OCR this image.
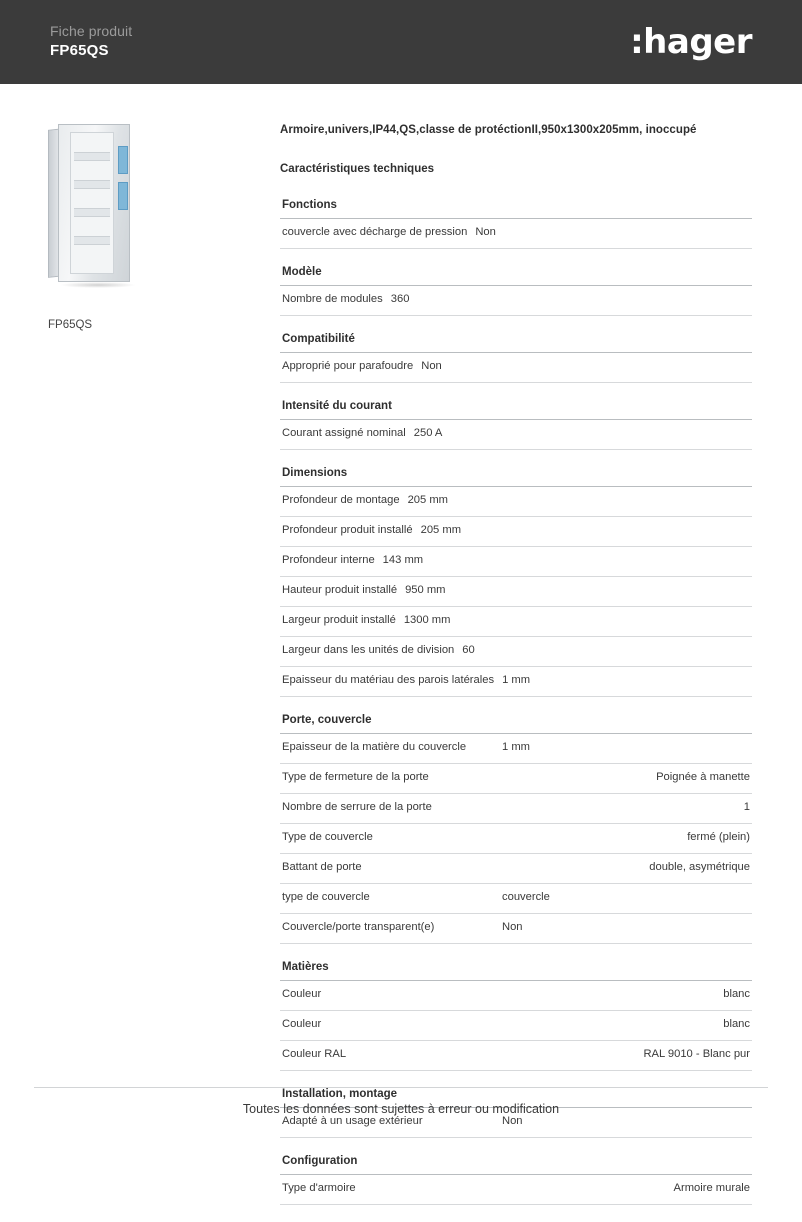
Fiche produit
FP65QS	:hager
FP65QS
Armoire,univers,IP44,QS,classe de protéctionII,950x1300x205mm, inoccupé
Caractéristiques techniques
Fonctions
couvercle avec décharge de pression Non
Modèle
Nombre de modules 360
Compatibilité
Approprié pour parafoudre Non
Intensité du courant
Courant assigné nominal 250 A
Dimensions
Profondeur de montage 205 mm
Profondeur produit installé 205 mm
Profondeur interne 143 mm
Hauteur produit installé 950 mm
Largeur produit installé 1300 mm
Largeur dans les unités de division 60
Epaisseur du matériau des parois latérales 1 mm
Porte, couvercle
Epaisseur de la matière du couvercle	1 mm
Type de fermeture de la porte	Poignée à manette
Nombre de serrure de la porte	1
Type de couvercle	fermé (plein)
Battant de porte	double, asymétrique
type de couvercle	couvercle
Couvercle/porte transparent(e)	Non
Matières
Couleur	blanc
Couleur	blanc
Couleur RAL	RAL 9010 - Blanc pur
Installation, montage
Adapté à un usage extérieur	Non
Configuration
Type d'armoire	Armoire murale
Toutes les données sont sujettes à erreur ou modification
